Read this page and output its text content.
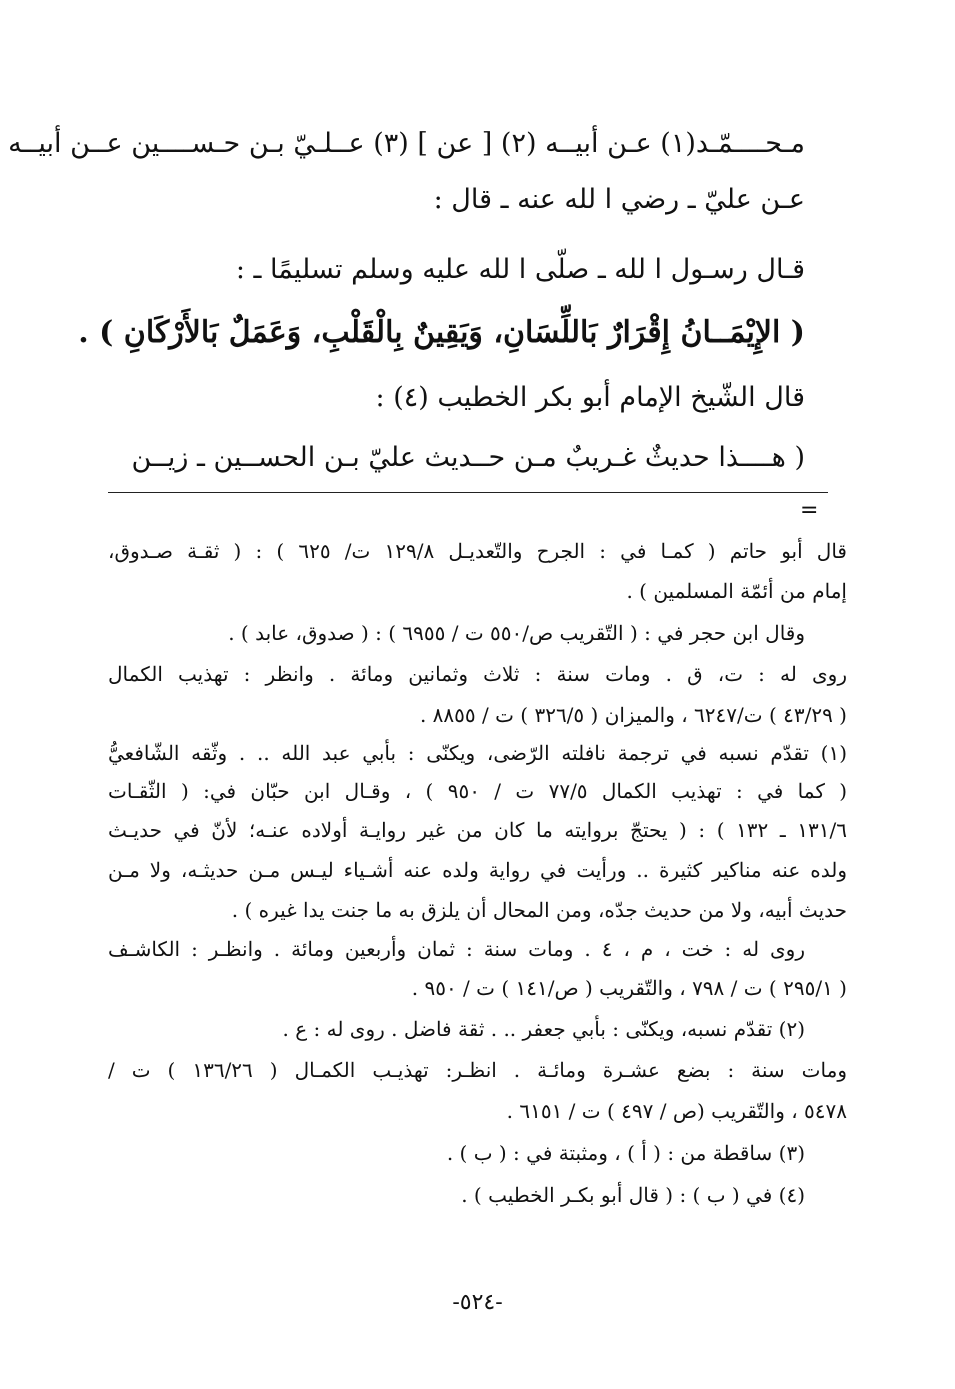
مـحــــمّـد(١) عـن أبيــه (٢) [ عن ] (٣) عــلـيّ بـن حـســــين عــن أبيــه
عـن عليّ ـ رضي ا لله عنه ـ قال :
قـال رسـول ا لله ـ صلّى ا لله عليه وسلم تسليمًا ـ :
( الإِيْمَــانُ إِقْرَارٌ بَاللِّسَانِ، وَيَقِينٌ بِالْقَلْبِ، وَعَمَلٌ بَالأَرْكَانِ ) .
قال الشّيخ الإمام أبو بكر الخطيب (٤) :
( هــــذا حديثٌ غـريبٌ مـن حــديث عليّ بـن الحســين ـ زيــن
=
قال أبو حاتم ( كمـا في : الجرح والتّعديـل ١٢٩/٨ ت/ ٦٢٥ ) : ( ثقـة صـدوق،
إمام من أئمّة المسلمين ) .
وقال ابن حجر في : ( التّقريب ص/٥٥٠ ت / ٦٩٥٥ ) : ( صدوق، عابد ) .
روى له : ت، ق . ومات سنة : ثلاث وثمانين ومائة . وانظر : تهذيب الكمال
( ٤٣/٢٩ ) ت/٦٢٤٧ ، والميزان ( ٣٢٦/٥ ) ت / ٨٨٥٥ .
(١) تقدّم نسبه في ترجمة نافلته الرّضى، ويكنّى : بأبي عبد الله .. . وثّقه الشّافعيُّ
( كما في : تهذيب الكمال ٧٧/٥ ت / ٩٥٠ ) ، وقـال ابن حبّان في: ( الثّقـات
١٣١/٦ ـ ١٣٢ ) : ( يحتجّ بروايته ما كان من غير روايـة أولاده عنـه؛ لأنّ في حديـث
ولده عنه مناكير كثيرة .. ورأيت في رواية ولده عنه أشـياء ليـس مـن حديثـه، ولا مـن
حديث أبيه، ولا من حديث جدّه، ومن المحال أن يلزق به ما جنت يدا غيره ) .
روى له : خت ، م ، ٤ . ومات سنة : ثمان وأربعين ومائة . وانظـر : الكاشـف
( ٢٩٥/١ ) ت / ٧٩٨ ، والتّقريب ( ص/١٤١ ) ت / ٩٥٠ .
(٢) تقدّم نسبه، ويكنّى : بأبي جعفر .. . ثقة فاضل . روى له : ع .
ومات سنة : بضع عشـرة ومائـة . انظـر: تهذيـب الكمـال ( ١٣٦/٢٦ ) ت /
٥٤٧٨ ، والتّقريب (ص / ٤٩٧ ) ت / ٦١٥١ .
(٣) ساقطة من : ( أ ) ، ومثبتة في : ( ب ) .
(٤) في ( ب ) : ( قال أبو بكـر الخطيب ) .
-٥٢٤-
